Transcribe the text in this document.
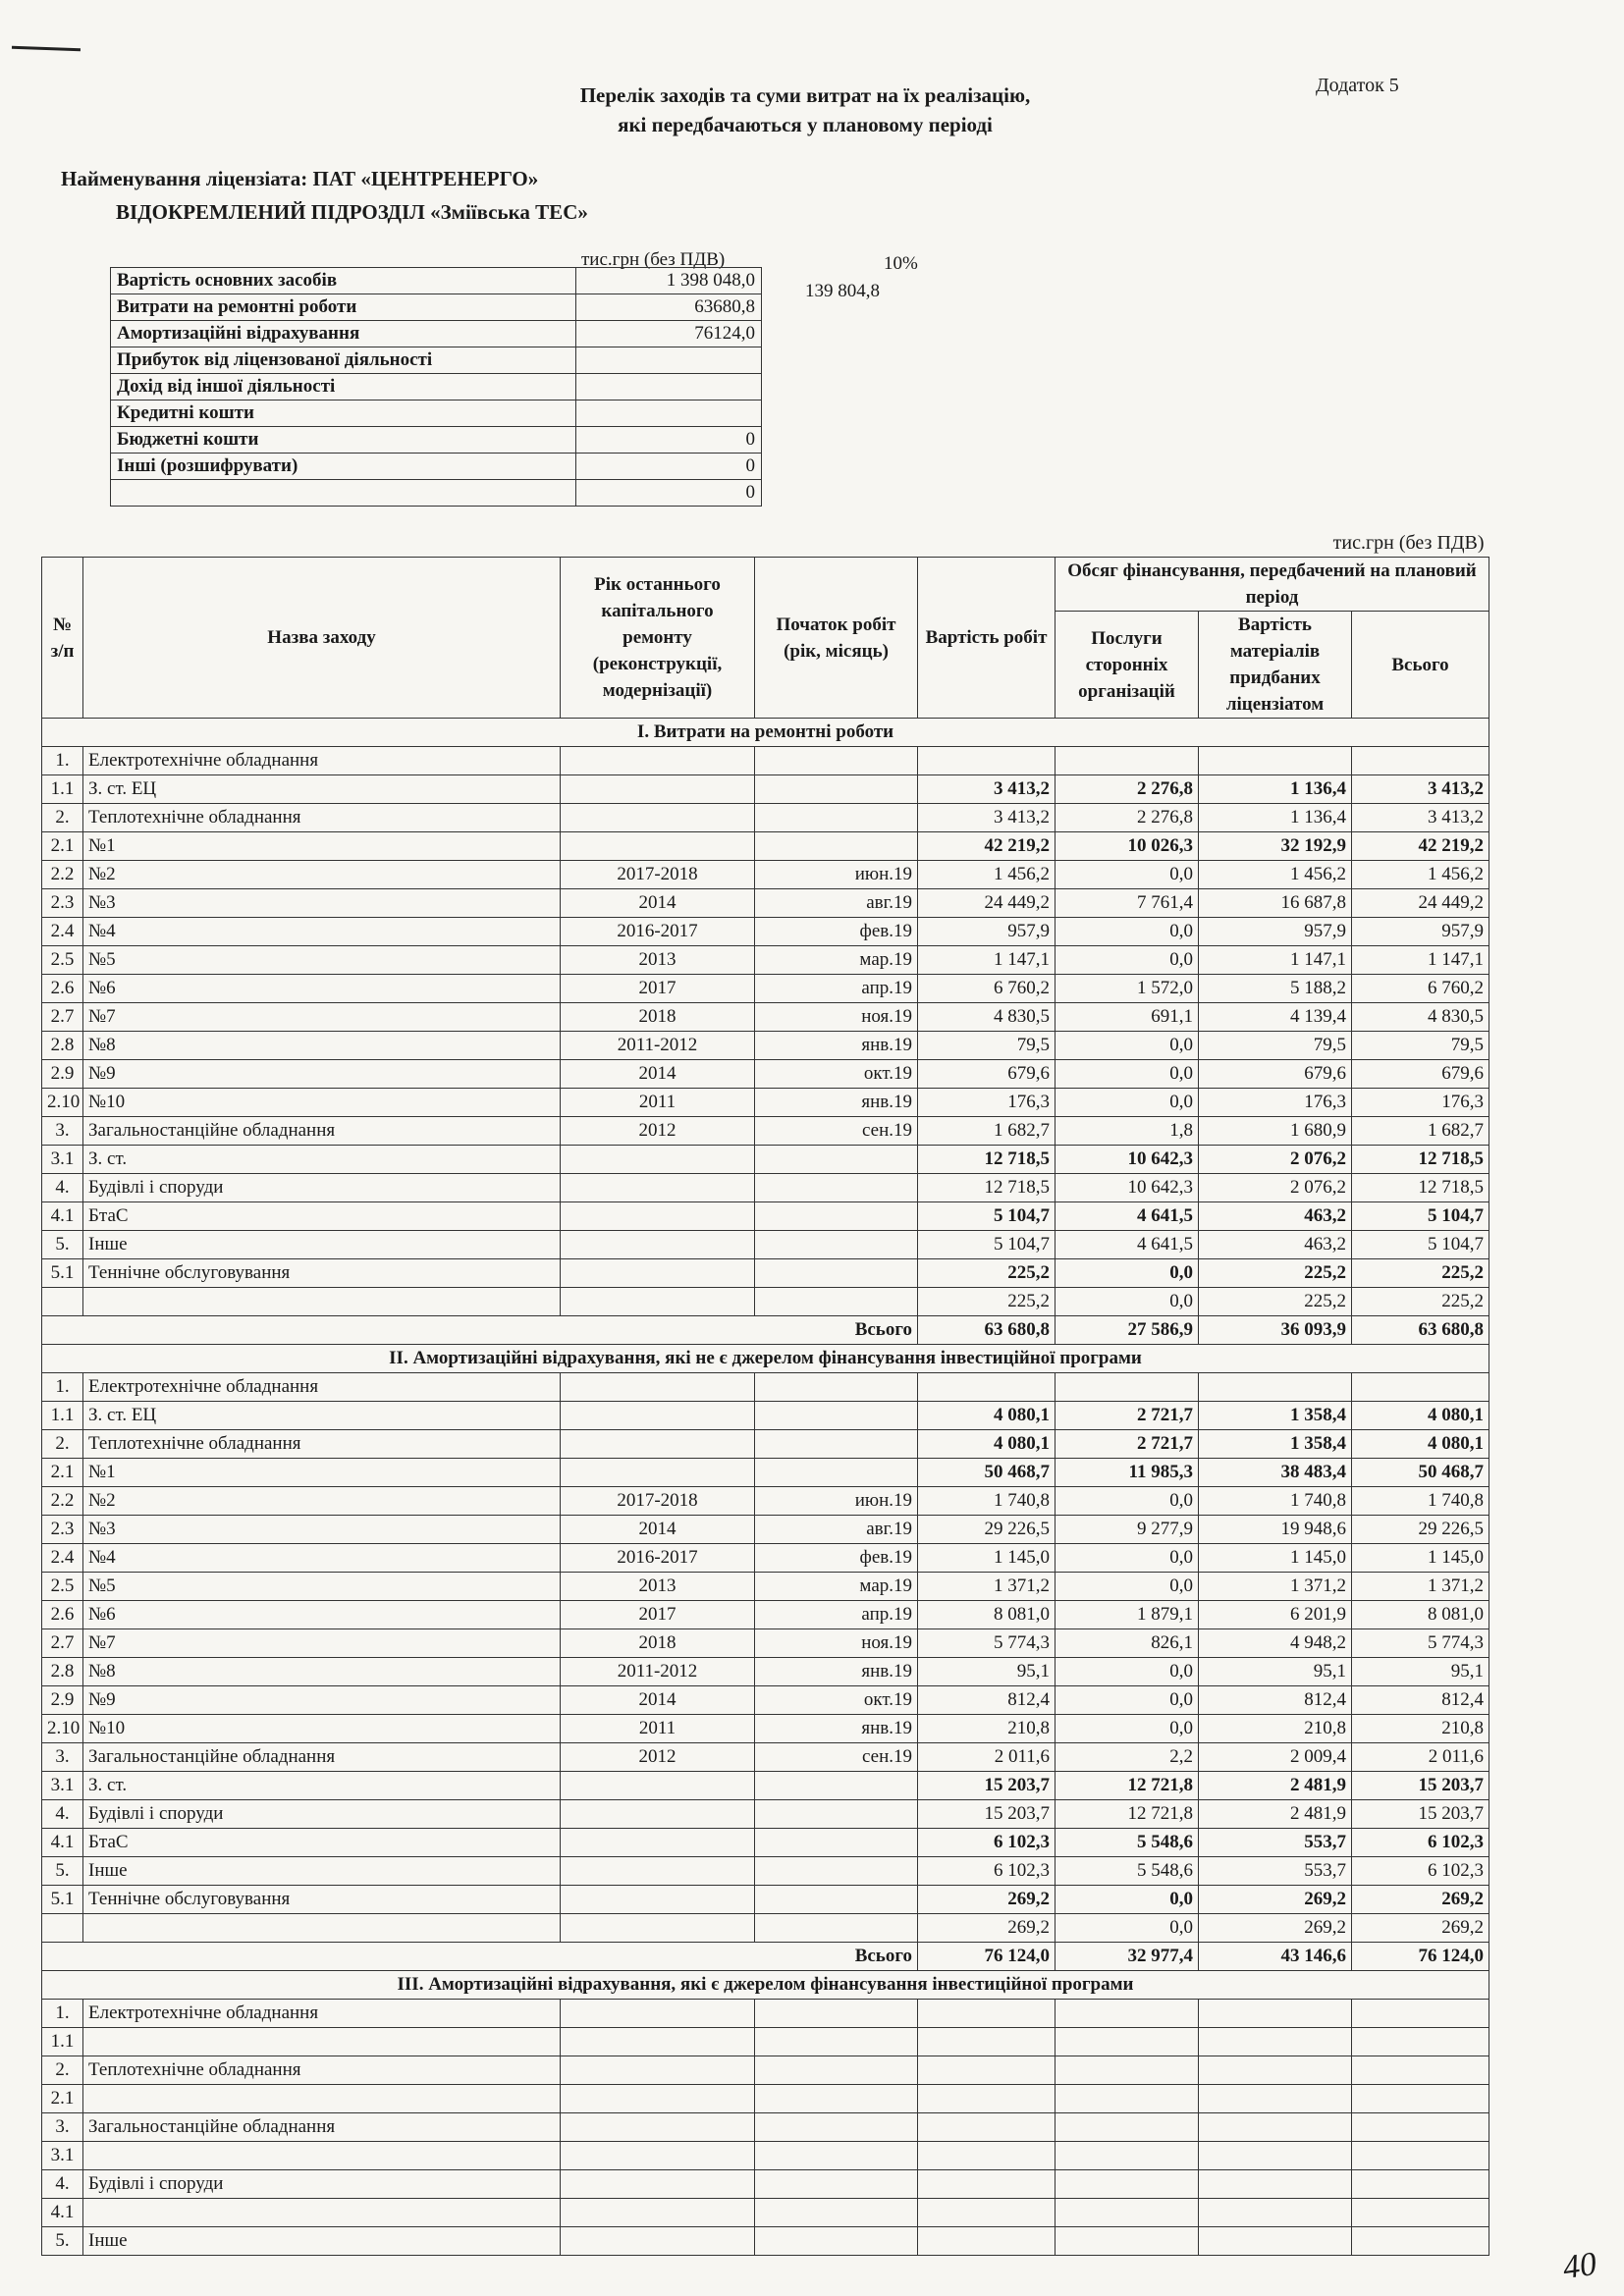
Додаток 5
Перелік заходів та суми витрат на їх реалізацію,
які передбачаються у плановому періоді
Найменування ліцензіата: ПАТ «ЦЕНТРЕНЕРГО»
ВІДОКРЕМЛЕНИЙ ПІДРОЗДІЛ «Зміївська ТЕС»
тис.грн (без ПДВ)	10%
139 804,8
Вартість основних засобів	1 398 048,0
Витрати на ремонтні роботи	63680,8
Амортизаційні відрахування	76124,0
Прибуток від ліцензованої діяльності	
Дохід від іншої діяльності	
Кредитні кошти	
Бюджетні кошти	0
Інші (розшифрувати)	0
	0
					тис.грн (без ПДВ)		
№ з/п	Назва заходу	Рік останнього капітального ремонту (реконструкції, модернізації)	Початок робіт (рік, місяць)	Вартість робіт	Обсяг фінансування, передбачений на плановий період		
					Послуги сторонніх організацій	Вартість матеріалів придбаних ліцензіатом	Всього
I. Витрати на ремонтні роботи							
1.	Електротехнічне обладнання						
1.1	З. ст. ЕЦ			3 413,2	2 276,8	1 136,4	3 413,2
2.	Теплотехнічне обладнання			3 413,2	2 276,8	1 136,4	3 413,2
2.1	№1			42 219,2	10 026,3	32 192,9	42 219,2
2.2	№2	2017-2018	июн.19	1 456,2	0,0	1 456,2	1 456,2
2.3	№3	2014	авг.19	24 449,2	7 761,4	16 687,8	24 449,2
2.4	№4	2016-2017	фев.19	957,9	0,0	957,9	957,9
2.5	№5	2013	мар.19	1 147,1	0,0	1 147,1	1 147,1
2.6	№6	2017	апр.19	6 760,2	1 572,0	5 188,2	6 760,2
2.7	№7	2018	ноя.19	4 830,5	691,1	4 139,4	4 830,5
2.8	№8	2011-2012	янв.19	79,5	0,0	79,5	79,5
2.9	№9	2014	окт.19	679,6	0,0	679,6	679,6
2.10	№10	2011	янв.19	176,3	0,0	176,3	176,3
3.	Загальностанційне обладнання	2012	сен.19	1 682,7	1,8	1 680,9	1 682,7
3.1	З. ст.			12 718,5	10 642,3	2 076,2	12 718,5
4.	Будівлі і споруди			12 718,5	10 642,3	2 076,2	12 718,5
4.1	БтаС			5 104,7	4 641,5	463,2	5 104,7
5.	Інше			5 104,7	4 641,5	463,2	5 104,7
5.1	Теннічне обслуговування			225,2	0,0	225,2	225,2
				225,2	0,0	225,2	225,2
Всього				63 680,8	27 586,9	36 093,9	63 680,8
II. Амортизаційні відрахування, які не є джерелом фінансування інвестиційної програми							
1.	Електротехнічне обладнання						
1.1	З. ст. ЕЦ			4 080,1	2 721,7	1 358,4	4 080,1
2.	Теплотехнічне обладнання			4 080,1	2 721,7	1 358,4	4 080,1
2.1	№1			50 468,7	11 985,3	38 483,4	50 468,7
2.2	№2	2017-2018	июн.19	1 740,8	0,0	1 740,8	1 740,8
2.3	№3	2014	авг.19	29 226,5	9 277,9	19 948,6	29 226,5
2.4	№4	2016-2017	фев.19	1 145,0	0,0	1 145,0	1 145,0
2.5	№5	2013	мар.19	1 371,2	0,0	1 371,2	1 371,2
2.6	№6	2017	апр.19	8 081,0	1 879,1	6 201,9	8 081,0
2.7	№7	2018	ноя.19	5 774,3	826,1	4 948,2	5 774,3
2.8	№8	2011-2012	янв.19	95,1	0,0	95,1	95,1
2.9	№9	2014	окт.19	812,4	0,0	812,4	812,4
2.10	№10	2011	янв.19	210,8	0,0	210,8	210,8
3.	Загальностанційне обладнання	2012	сен.19	2 011,6	2,2	2 009,4	2 011,6
3.1	З. ст.			15 203,7	12 721,8	2 481,9	15 203,7
4.	Будівлі і споруди			15 203,7	12 721,8	2 481,9	15 203,7
4.1	БтаС			6 102,3	5 548,6	553,7	6 102,3
5.	Інше			6 102,3	5 548,6	553,7	6 102,3
5.1	Теннічне обслуговування			269,2	0,0	269,2	269,2
				269,2	0,0	269,2	269,2
Всього				76 124,0	32 977,4	43 146,6	76 124,0
III. Амортизаційні відрахування, які є джерелом фінансування інвестиційної програми							
1.	Електротехнічне обладнання						
1.1							
2.	Теплотехнічне обладнання						
2.1							
3.	Загальностанційне обладнання						
3.1							
4.	Будівлі і споруди						
4.1							
5.	Інше						
40
